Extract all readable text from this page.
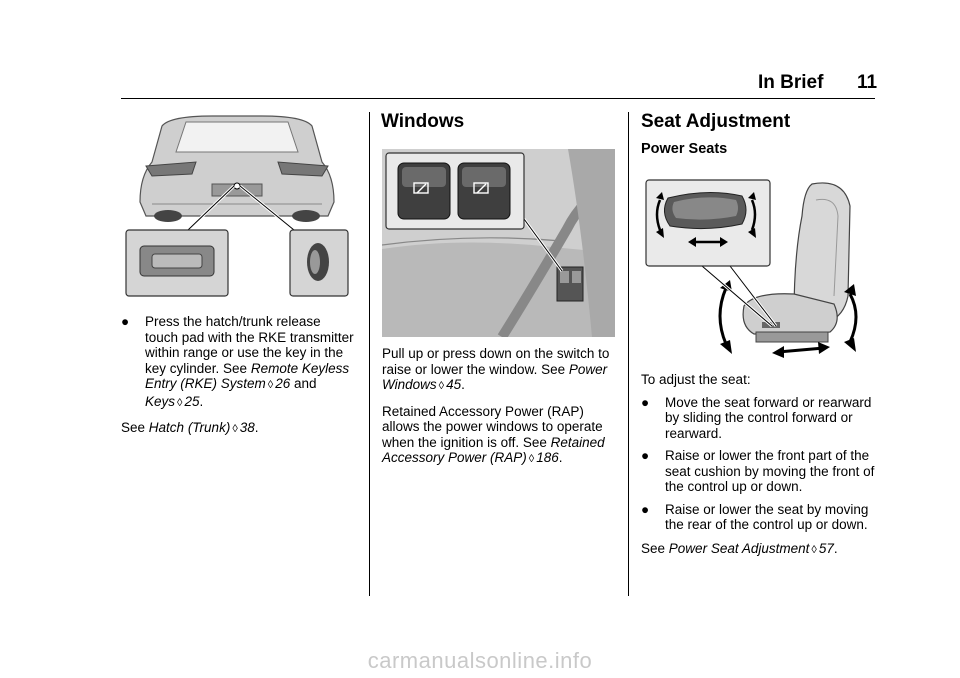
In Brief 11
● Press the hatch/trunk release touch pad with the RKE transmitter within range or use the key in the key cylinder. See Remote Keyless Entry (RKE) System ◊ 26 and Keys ◊ 25.

See Hatch (Trunk) ◊ 38.

Windows

Pull up or press down on the switch to raise or lower the window. See Power Windows ◊ 45.

Retained Accessory Power (RAP) allows the power windows to operate when the ignition is off. See Retained Accessory Power (RAP) ◊ 186.

Seat Adjustment
Power Seats

To adjust the seat:

● Move the seat forward or rearward by sliding the control forward or rearward.
● Raise or lower the front part of the seat cushion by moving the front of the control up or down.
● Raise or lower the seat by moving the rear of the control up or down.

See Power Seat Adjustment ◊ 57.

carmanualsonline.info
